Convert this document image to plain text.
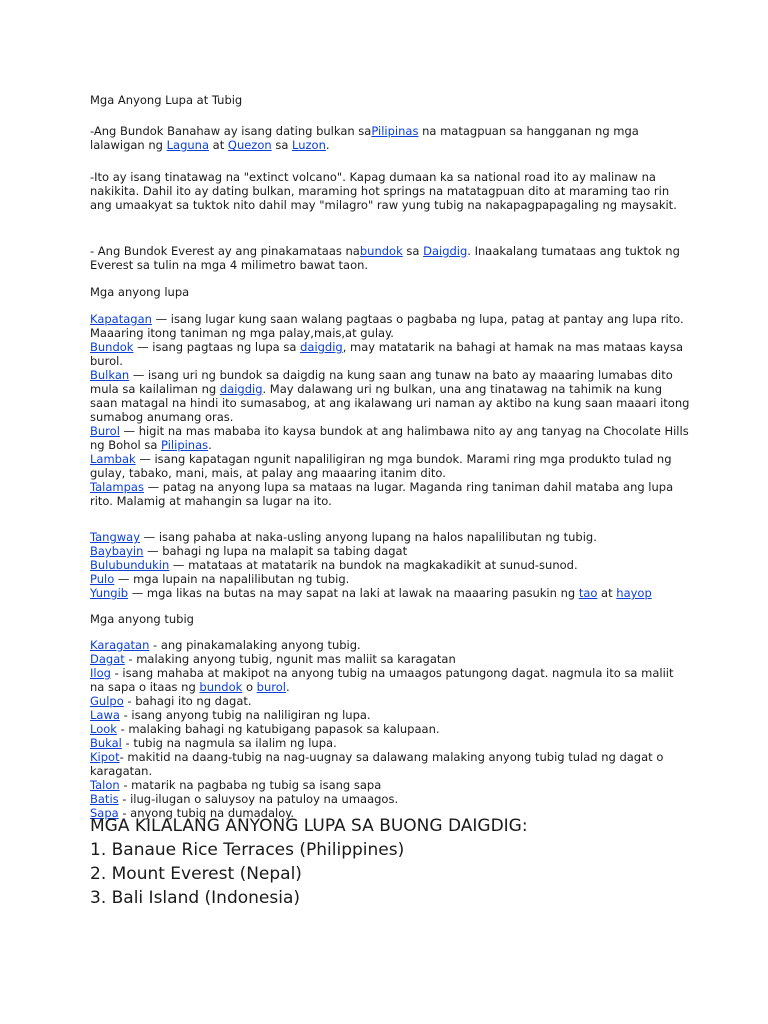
Mga Anyong Lupa at Tubig
-Ang Bundok Banahaw ay isang dating bulkan saPilipinas na matagpuan sa hangganan ng mga lalawigan ng Laguna at Quezon sa Luzon.
-Ito ay isang tinatawag na "extinct volcano". Kapag dumaan ka sa national road ito ay malinaw na nakikita. Dahil ito ay dating bulkan, maraming hot springs na matatagpuan dito at maraming tao rin ang umaakyat sa tuktok nito dahil may "milagro" raw yung tubig na nakapagpapagaling ng maysakit.
- Ang Bundok Everest ay ang pinakamataas nabundok sa Daigdig. Inaakalang tumataas ang tuktok ng Everest sa tulin na mga 4 milimetro bawat taon.
Mga anyong lupa

Kapatagan — isang lugar kung saan walang pagtaas o pagbaba ng lupa, patag at pantay ang lupa rito. Maaaring itong taniman ng mga palay,mais,at gulay.

Bundok — isang pagtaas ng lupa sa daigdig, may matatarik na bahagi at hamak na mas mataas kaysa burol.

Bulkan — isang uri ng bundok sa daigdig na kung saan ang tunaw na bato ay maaaring lumabas dito mula sa kailaliman ng daigdig. May dalawang uri ng bulkan, una ang tinatawag na tahimik na kung saan matagal na hindi ito sumasabog, at ang ikalawang uri naman ay aktibo na kung saan maaari itong sumabog anumang oras.

Burol — higit na mas mababa ito kaysa bundok at ang halimbawa nito ay ang tanyag na Chocolate Hills ng Bohol sa Pilipinas.

Lambak — isang kapatagan ngunit napaliligiran ng mga bundok. Marami ring mga produkto tulad ng gulay, tabako, mani, mais, at palay ang maaaring itanim dito.

Talampas — patag na anyong lupa sa mataas na lugar. Maganda ring taniman dahil mataba ang lupa rito. Malamig at mahangin sa lugar na ito.

Tangway — isang pahaba at naka-usling anyong lupang na halos napalilibutan ng tubig.

Baybayin — bahagi ng lupa na malapit sa tabing dagat

Bulubundukin — matataas at matatarik na bundok na magkakadikit at sunud-sunod.

Pulo — mga lupain na napalilibutan ng tubig.

Yungib — mga likas na butas na may sapat na laki at lawak na maaaring pasukin ng tao at hayop

Mga anyong tubig

Karagatan - ang pinakamalaking anyong tubig.

Dagat - malaking anyong tubig, ngunit mas maliit sa karagatan

Ilog - isang mahaba at makipot na anyong tubig na umaagos patungong dagat. nagmula ito sa maliit na sapa o itaas ng bundok o burol.

Gulpo - bahagi ito ng dagat.

Lawa - isang anyong tubig na naliligiran ng lupa.

Look - malaking bahagi ng katubigang papasok sa kalupaan.

Bukal - tubig na nagmula sa ilalim ng lupa.

Kipot- makitid na daang-tubig na nag-uugnay sa dalawang malaking anyong tubig tulad ng dagat o karagatan.

Talon - matarik na pagbaba ng tubig sa isang sapa

Batis - ilug-ilugan o saluysoy na patuloy na umaagos.

Sapa - anyong tubig na dumadaloy.

MGA KILALANG ANYONG LUPA SA BUONG DAIGDIG:
1. Banaue Rice Terraces (Philippines)
2. Mount Everest (Nepal)
3. Bali Island (Indonesia)
